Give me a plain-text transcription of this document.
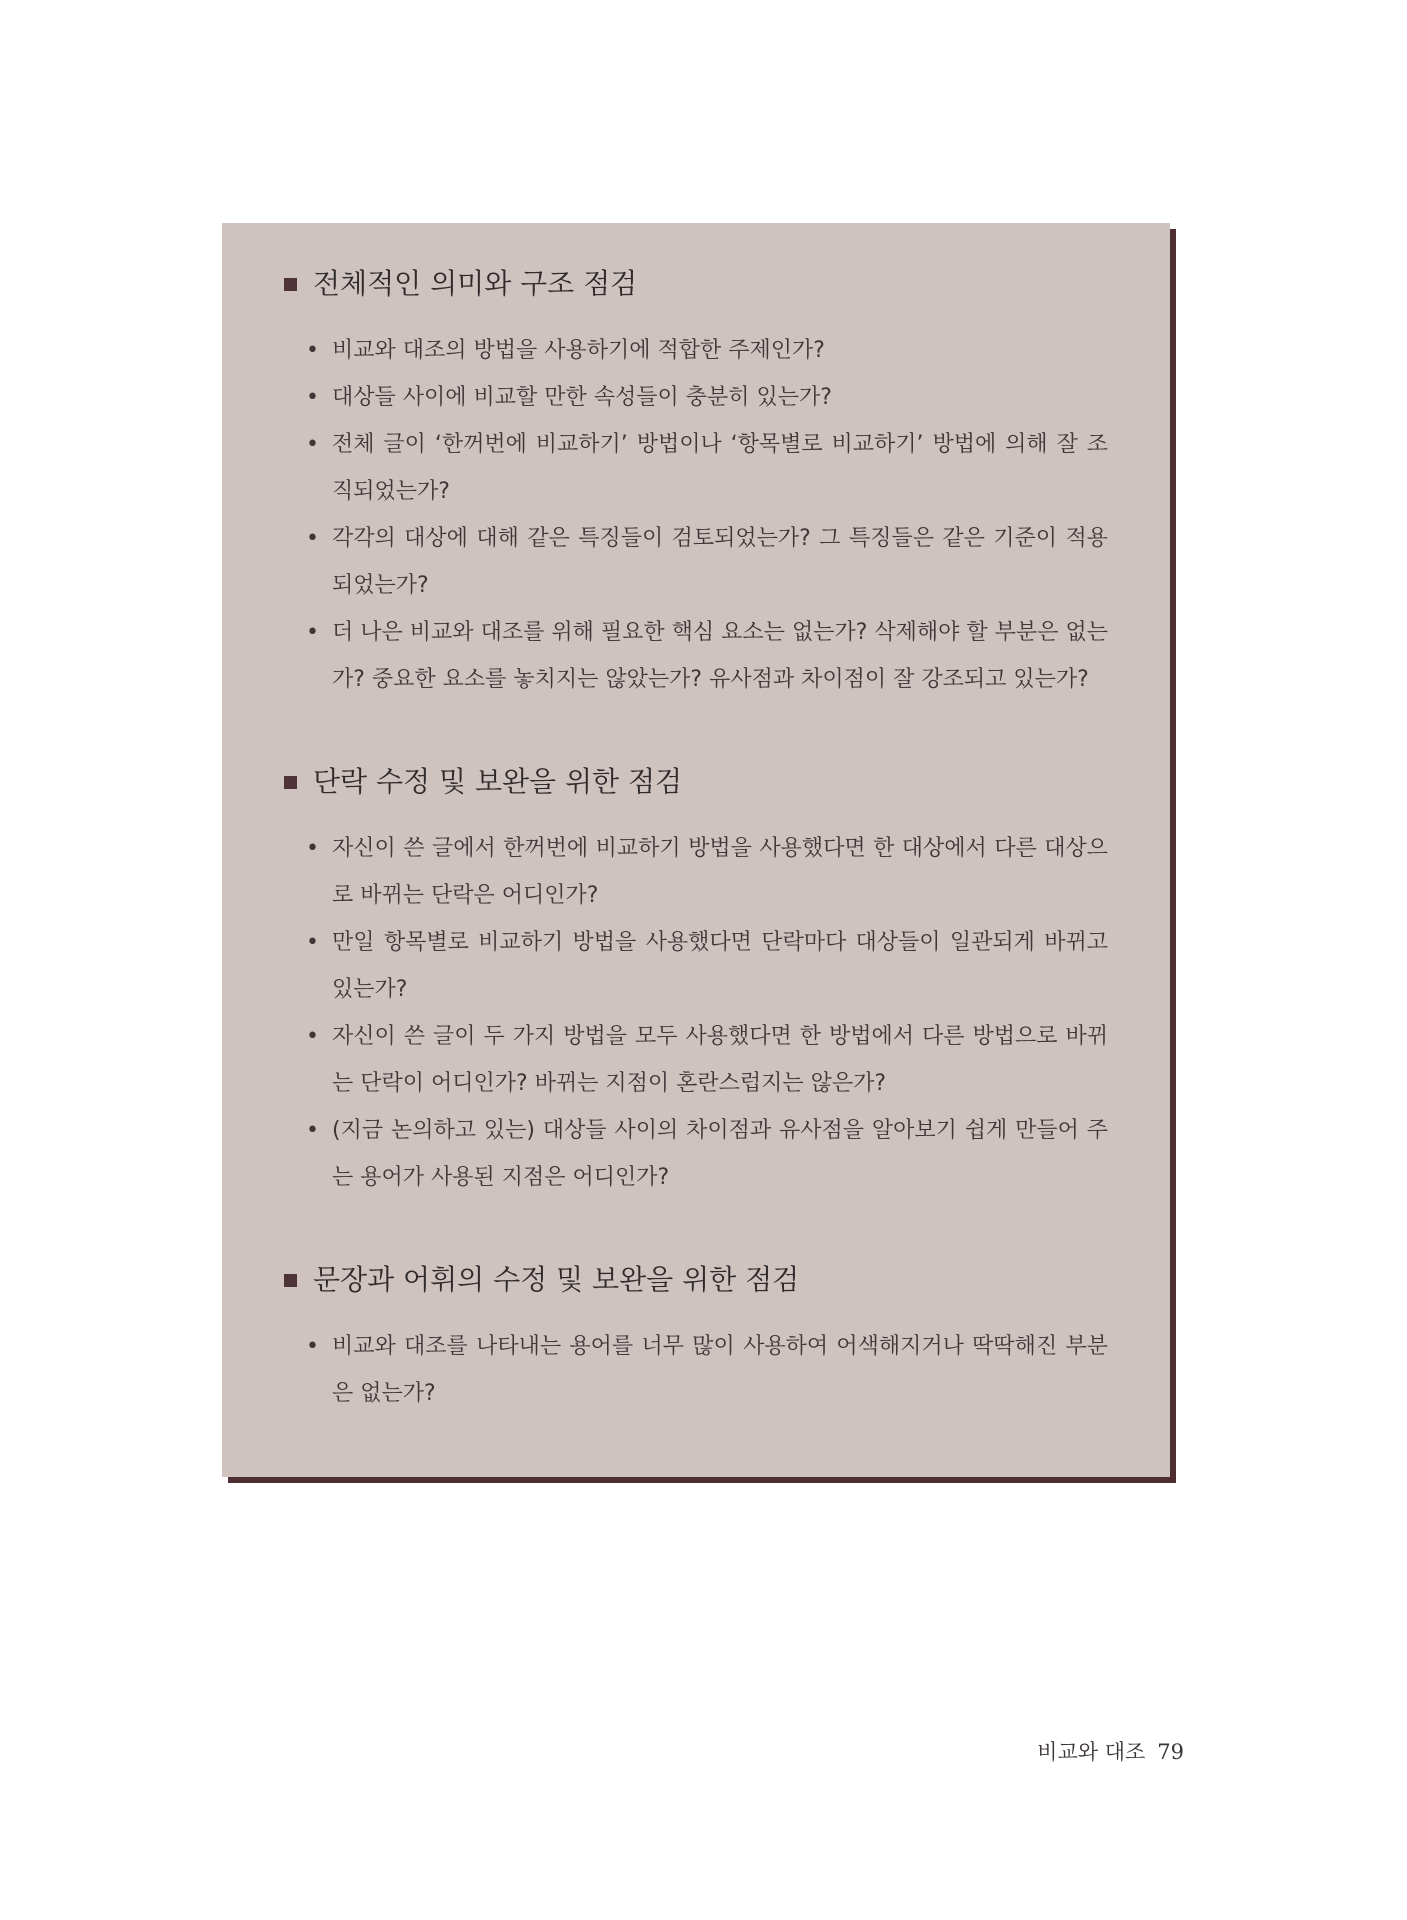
전체적인 의미와 구조 점검
• 비교와 대조의 방법을 사용하기에 적합한 주제인가?
• 대상들 사이에 비교할 만한 속성들이 충분히 있는가?
• 전체 글이 ‘한꺼번에 비교하기’ 방법이나 ‘항목별로 비교하기’ 방법에 의해 잘 조직되었는가?
• 각각의 대상에 대해 같은 특징들이 검토되었는가? 그 특징들은 같은 기준이 적용되었는가?
• 더 나은 비교와 대조를 위해 필요한 핵심 요소는 없는가? 삭제해야 할 부분은 없는가? 중요한 요소를 놓치지는 않았는가? 유사점과 차이점이 잘 강조되고 있는가?
단락 수정 및 보완을 위한 점검
• 자신이 쓴 글에서 한꺼번에 비교하기 방법을 사용했다면 한 대상에서 다른 대상으로 바뀌는 단락은 어디인가?
• 만일 항목별로 비교하기 방법을 사용했다면 단락마다 대상들이 일관되게 바뀌고 있는가?
• 자신이 쓴 글이 두 가지 방법을 모두 사용했다면 한 방법에서 다른 방법으로 바뀌는 단락이 어디인가? 바뀌는 지점이 혼란스럽지는 않은가?
• (지금 논의하고 있는) 대상들 사이의 차이점과 유사점을 알아보기 쉽게 만들어 주는 용어가 사용된 지점은 어디인가?
문장과 어휘의 수정 및 보완을 위한 점검
• 비교와 대조를 나타내는 용어를 너무 많이 사용하여 어색해지거나 딱딱해진 부분은 없는가?
비교와 대조 79
